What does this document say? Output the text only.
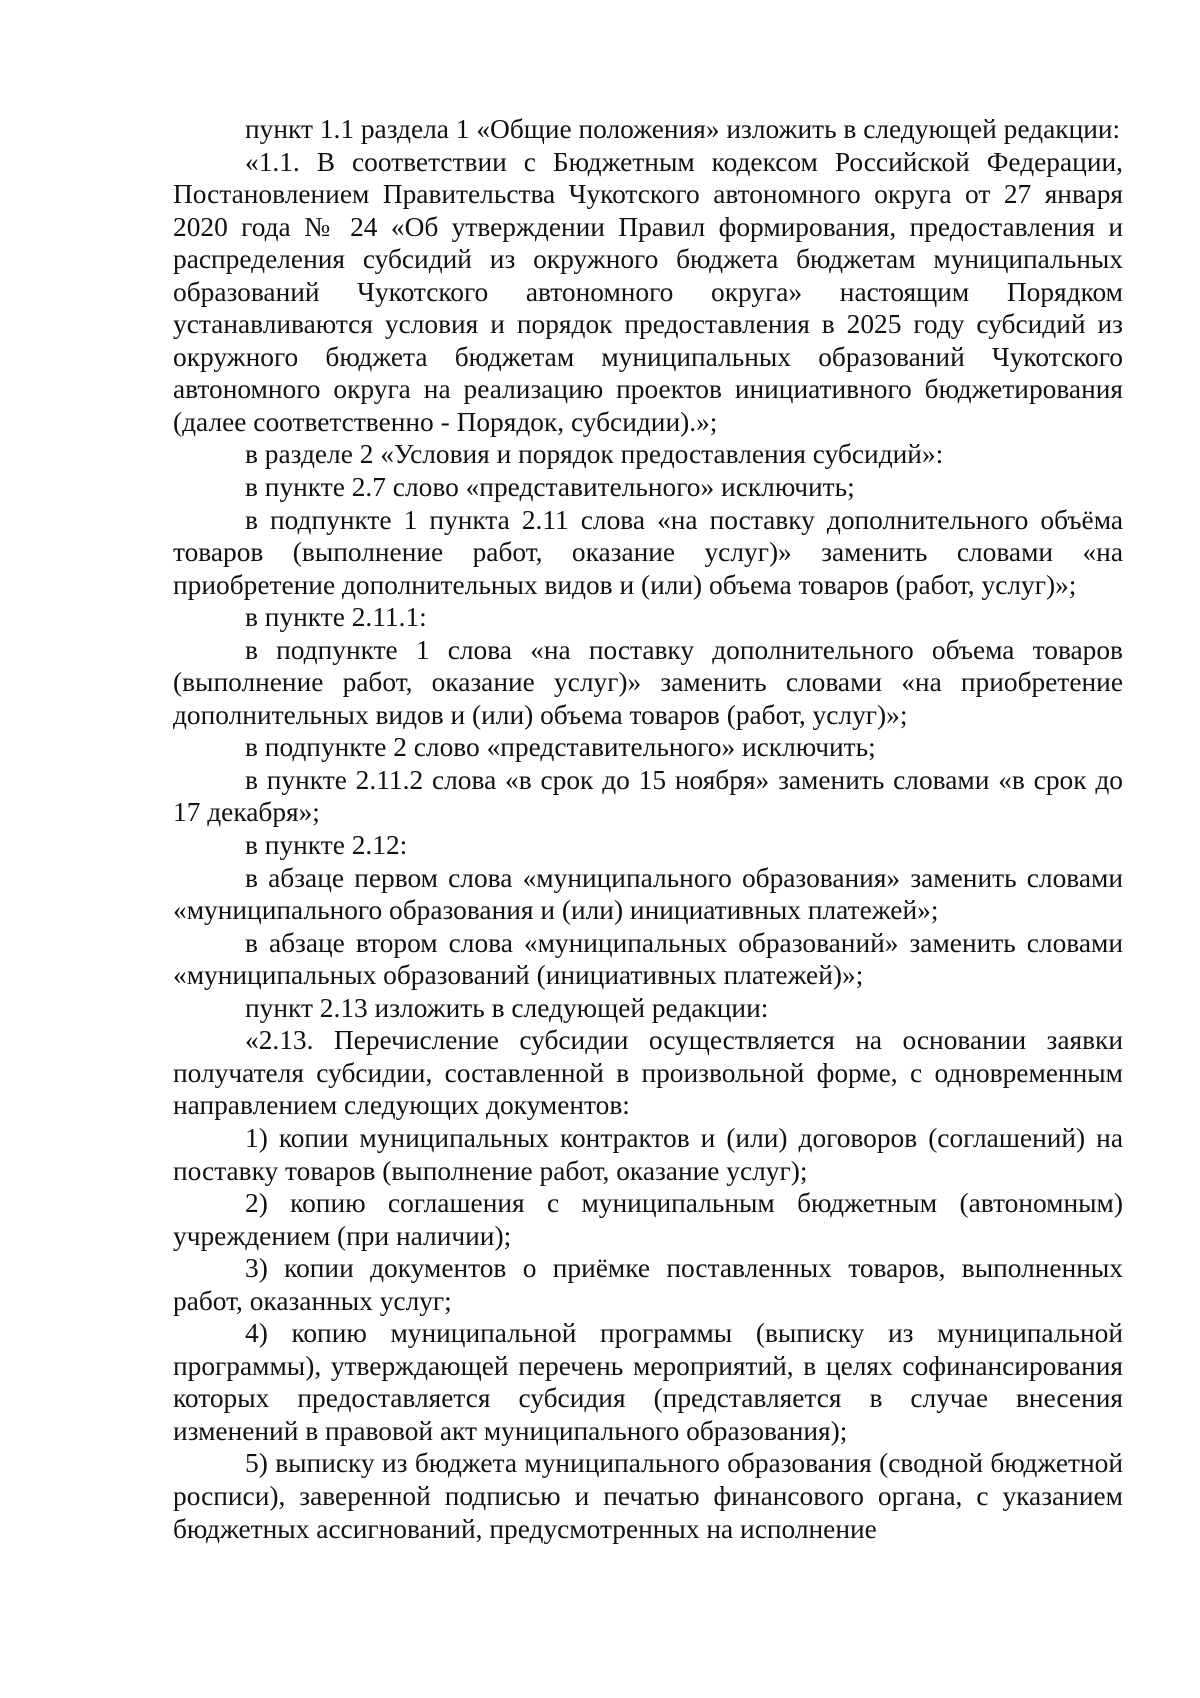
пункт 1.1 раздела 1 «Общие положения» изложить в следующей редакции:

«1.1. В соответствии с Бюджетным кодексом Российской Федерации, Постановлением Правительства Чукотского автономного округа от 27 января 2020 года № 24 «Об утверждении Правил формирования, предоставления и распределения субсидий из окружного бюджета бюджетам муниципальных образований Чукотского автономного округа» настоящим Порядком устанавливаются условия и порядок предоставления в 2025 году субсидий из окружного бюджета бюджетам муниципальных образований Чукотского автономного округа на реализацию проектов инициативного бюджетирования (далее соответственно - Порядок, субсидии).»;

в разделе 2 «Условия и порядок предоставления субсидий»:

в пункте 2.7 слово «представительного» исключить;

в подпункте 1 пункта 2.11 слова «на поставку дополнительного объёма товаров (выполнение работ, оказание услуг)» заменить словами «на приобретение дополнительных видов и (или) объема товаров (работ, услуг)»;

в пункте 2.11.1:

в подпункте 1 слова «на поставку дополнительного объема товаров (выполнение работ, оказание услуг)» заменить словами «на приобретение дополнительных видов и (или) объема товаров (работ, услуг)»;

в подпункте 2 слово «представительного» исключить;

в пункте 2.11.2 слова «в срок до 15 ноября» заменить словами «в срок до 17 декабря»;

в пункте 2.12:

в абзаце первом слова «муниципального образования» заменить словами «муниципального образования и (или) инициативных платежей»;

в абзаце втором слова «муниципальных образований» заменить словами «муниципальных образований (инициативных платежей)»;

пункт 2.13 изложить в следующей редакции:

«2.13. Перечисление субсидии осуществляется на основании заявки получателя субсидии, составленной в произвольной форме, с одновременным направлением следующих документов:

1) копии муниципальных контрактов и (или) договоров (соглашений) на поставку товаров (выполнение работ, оказание услуг);

2) копию соглашения с муниципальным бюджетным (автономным) учреждением (при наличии);

3) копии документов о приёмке поставленных товаров, выполненных работ, оказанных услуг;

4) копию муниципальной программы (выписку из муниципальной программы), утверждающей перечень мероприятий, в целях софинансирования которых предоставляется субсидия (представляется в случае внесения изменений в правовой акт муниципального образования);

5) выписку из бюджета муниципального образования (сводной бюджетной росписи), заверенной подписью и печатью финансового органа, с указанием бюджетных ассигнований, предусмотренных на исполнение
